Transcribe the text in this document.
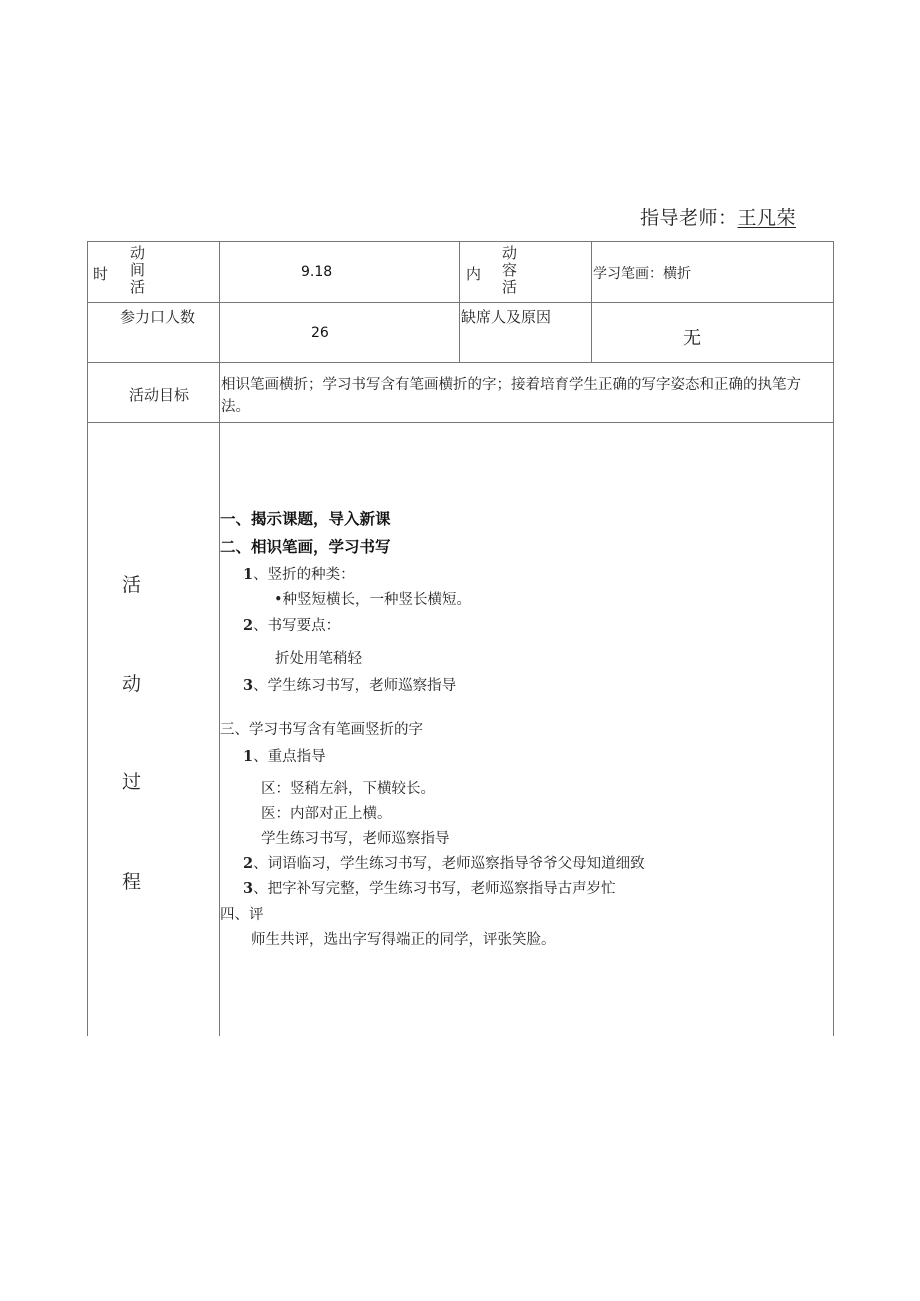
指导老师：王凡荣
时
动
间
活
9.18	内
动
容
活
学习笔画：横折
参力口人数
26
缺席人及原因
无
活动目标
相识笔画横折；学习书写含有笔画横折的字；接着培育学生正确的写字姿态和正确的执笔方法。
活
动
过
程
一、揭示课题，导入新课
二、相识笔画，学习书写
1、竖折的种类：
•种竖短横长，一种竖长横短。
2、书写要点：
折处用笔稍轻
3、学生练习书写，老师巡察指导
三、学习书写含有笔画竖折的字
1、重点指导
区：竖稍左斜，下横较长。
医：内部对正上横。
学生练习书写，老师巡察指导
2、词语临习，学生练习书写，老师巡察指导爷爷父母知道细致
3、把字补写完整，学生练习书写，老师巡察指导古声岁忙
四、评
师生共评，选出字写得端正的同学，评张笑脸。
